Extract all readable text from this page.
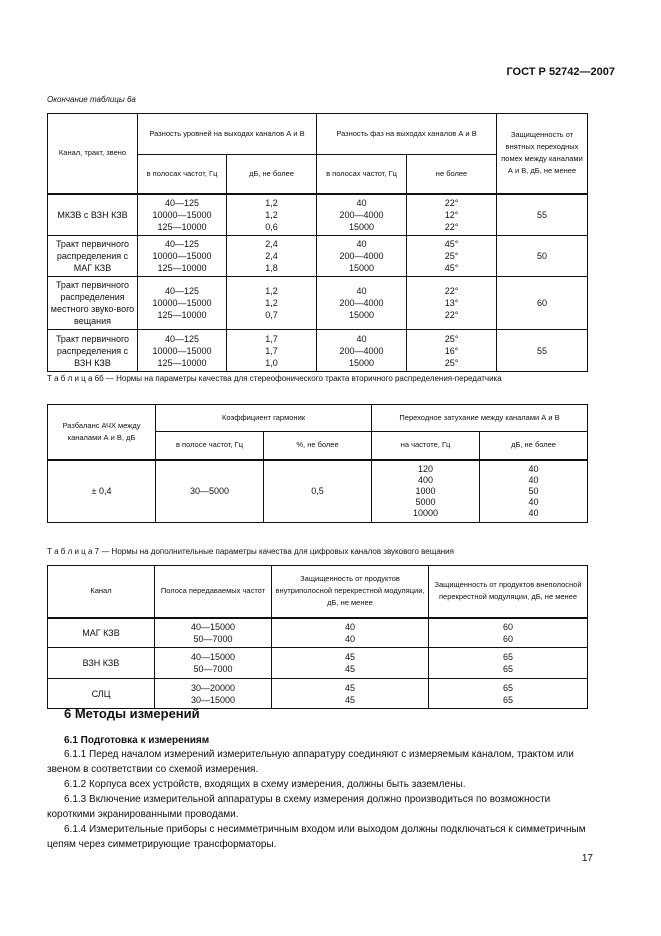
ГОСТ Р 52742—2007
Окончание таблицы 6а
Канал, тракт, звено	Разность уровней на выходах каналов А и В		Разность фаз на выходах каналов А и В		Защищенность от внятных переходных помех между каналами А и В, дБ, не менее
	в полосах частот, Гц	дБ, не более	в полосах частот, Гц	не более	
МКЗВ с ВЗН КЗВ	40—125
10000—15000
125—10000	1,2
1,2
0,6	40
200—4000
15000	22°
12°
22°	55
Тракт первичного распределения с МАГ КЗВ	40—125
10000—15000
125—10000	2,4
2,4
1,8	40
200—4000
15000	45°
25°
45°	50
Тракт первичного распределения местного звуко-вого вещания	40—125
10000—15000
125—10000	1,2
1,2
0,7	40
200—4000
15000	22°
13°
22°	60
Тракт первичного распределения с ВЗН КЗВ	40—125
10000—15000
125—10000	1,7
1,7
1,0	40
200—4000
15000	25°
16°
25°	55
Т а б л и ц а 6б — Нормы на параметры качества для стереофонического тракта вторичного распределения-передатчика
Разбаланс АЧХ между каналами А и В, дБ	Коэффициент гармоник		Переходное затухание между каналами А и В	
	в полосе частот, Гц	%, не более	на частоте, Гц	дБ, не более
± 0,4	30—5000	0,5	120
400
1000
5000
10000	40
40
50
40
40
Т а б л и ц а 7 — Нормы на дополнительные параметры качества для цифровых каналов звукового вещания
Канал	Полоса передаваемых частот	Защищенность от продуктов внутриполосной перекрестной модуляции, дБ, не менее	Защищенность от продуктов внеполосной перекрестной модуляции, дБ, не менее
МАГ КЗВ	40—15000
50—7000	40
40	60
60
ВЗН КЗВ	40—15000
50—7000	45
45	65
65
СЛЦ	30—20000
30—15000	45
45	65
65
6 Методы измерений
6.1 Подготовка к измерениям
6.1.1 Перед началом измерений измерительную аппаратуру соединяют с измеряемым каналом, трактом или звеном в соответствии со схемой измерения.
6.1.2 Корпуса всех устройств, входящих в схему измерения, должны быть заземлены.
6.1.3 Включение измерительной аппаратуры в схему измерения должно производиться по возможности короткими экранированными проводами.
6.1.4 Измерительные приборы с несимметричным входом или выходом должны подключаться к симметричным цепям через симметрирующие трансформаторы.
17
